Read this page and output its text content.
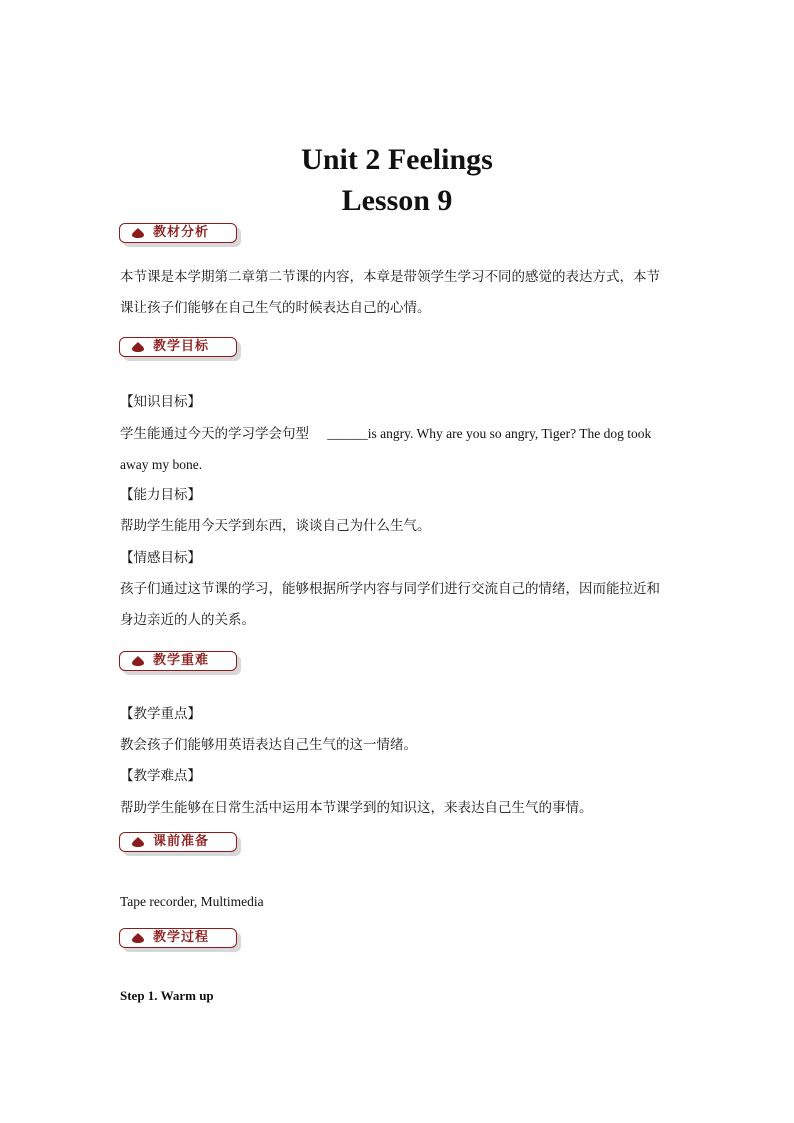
Unit 2 Feelings
Lesson 9
教材分析
本节课是本学期第二章第二节课的内容，本章是带领学生学习不同的感觉的表达方式，本节
课让孩子们能够在自己生气的时候表达自己的心情。
教学目标
【知识目标】
学生能通过今天的学习学会句型 ______is angry. Why are you so angry, Tiger? The dog took
away my bone.
【能力目标】
帮助学生能用今天学到东西，谈谈自己为什么生气。
【情感目标】
孩子们通过这节课的学习，能够根据所学内容与同学们进行交流自己的情绪，因而能拉近和
身边亲近的人的关系。
教学重难
【教学重点】
教会孩子们能够用英语表达自己生气的这一情绪。
【教学难点】
帮助学生能够在日常生活中运用本节课学到的知识这，来表达自己生气的事情。
课前准备
Tape recorder, Multimedia
教学过程
Step 1. Warm up
